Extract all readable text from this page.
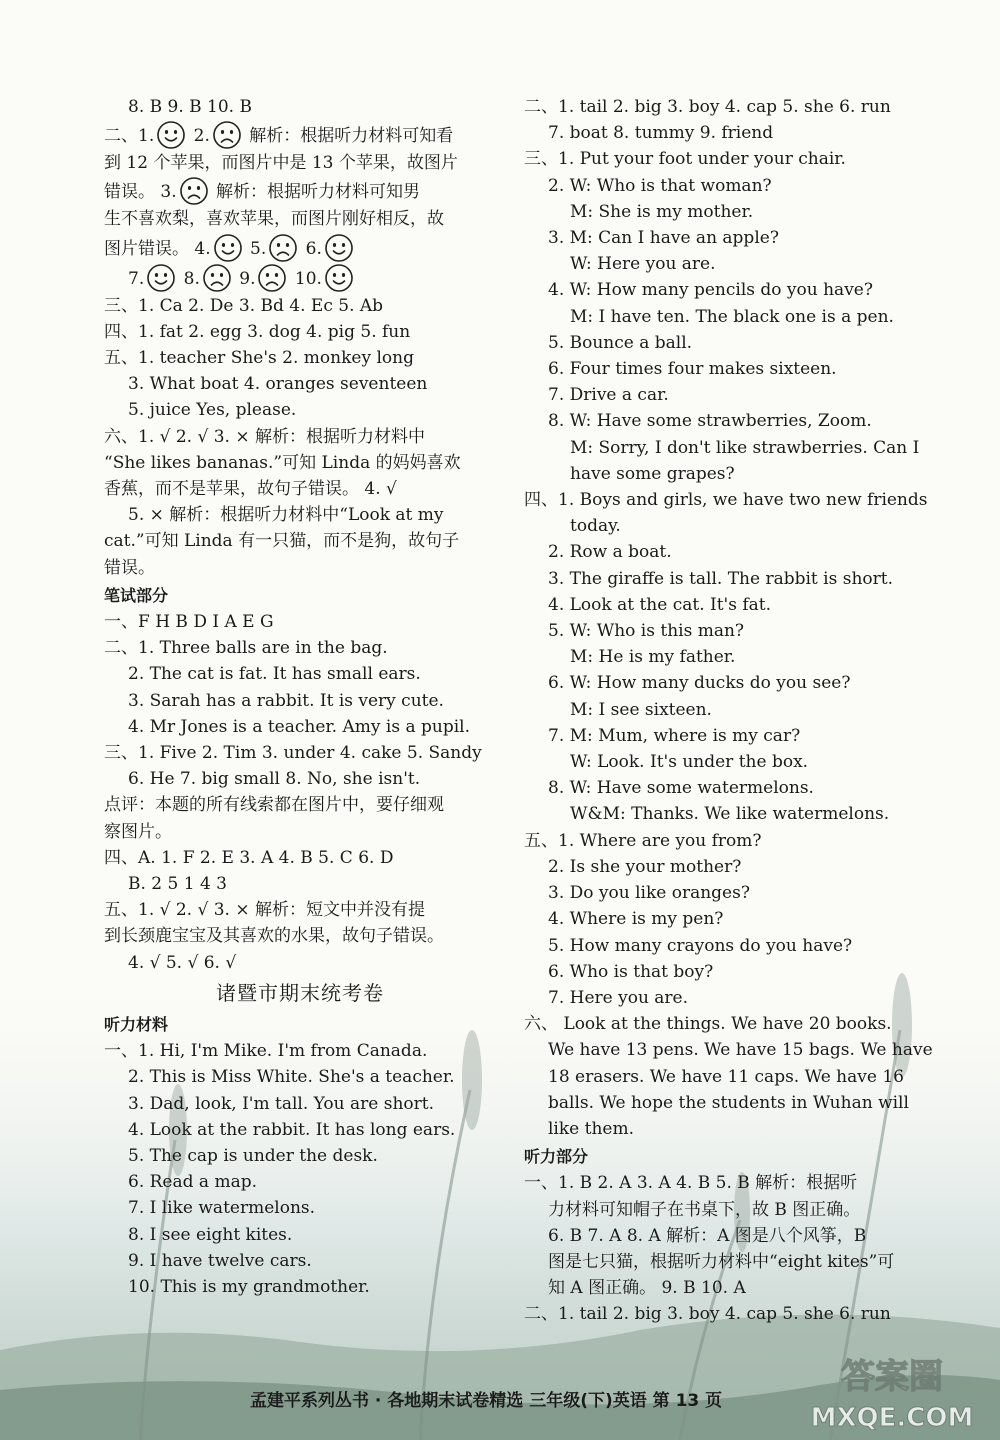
8. B 9. B 10. B
二、1. 2. 解析：根据听力材料可知看
到 12 个苹果，而图片中是 13 个苹果，故图片
错误。 3. 解析：根据听力材料可知男
生不喜欢梨，喜欢苹果，而图片刚好相反，故
图片错误。 4. 5. 6.
7. 8. 9. 10.
三、1. Ca 2. De 3. Bd 4. Ec 5. Ab
四、1. fat 2. egg 3. dog 4. pig 5. fun
五、1. teacher She's 2. monkey long
3. What boat 4. oranges seventeen
5. juice Yes, please.
六、1. √ 2. √ 3. × 解析：根据听力材料中
“She likes bananas.”可知 Linda 的妈妈喜欢
香蕉，而不是苹果，故句子错误。 4. √
5. × 解析：根据听力材料中“Look at my
cat.”可知 Linda 有一只猫，而不是狗，故句子
错误。
笔试部分
一、F H B D I A E G
二、1. Three balls are in the bag.
2. The cat is fat. It has small ears.
3. Sarah has a rabbit. It is very cute.
4. Mr Jones is a teacher. Amy is a pupil.
三、1. Five 2. Tim 3. under 4. cake 5. Sandy
6. He 7. big small 8. No, she isn't.
点评：本题的所有线索都在图片中，要仔细观
察图片。
四、A. 1. F 2. E 3. A 4. B 5. C 6. D
B. 2 5 1 4 3
五、1. √ 2. √ 3. × 解析：短文中并没有提
到长颈鹿宝宝及其喜欢的水果，故句子错误。
4. √ 5. √ 6. √
诸暨市期末统考卷
听力材料
一、1. Hi, I'm Mike. I'm from Canada.
2. This is Miss White. She's a teacher.
3. Dad, look, I'm tall. You are short.
4. Look at the rabbit. It has long ears.
5. The cap is under the desk.
6. Read a map.
7. I like watermelons.
8. I see eight kites.
9. I have twelve cars.
10. This is my grandmother.
二、1. tail 2. big 3. boy 4. cap 5. she 6. run
7. boat 8. tummy 9. friend
三、1. Put your foot under your chair.
2. W: Who is that woman?
M: She is my mother.
3. M: Can I have an apple?
W: Here you are.
4. W: How many pencils do you have?
M: I have ten. The black one is a pen.
5. Bounce a ball.
6. Four times four makes sixteen.
7. Drive a car.
8. W: Have some strawberries, Zoom.
M: Sorry, I don't like strawberries. Can I
have some grapes?
四、1. Boys and girls, we have two new friends
today.
2. Row a boat.
3. The giraffe is tall. The rabbit is short.
4. Look at the cat. It's fat.
5. W: Who is this man?
M: He is my father.
6. W: How many ducks do you see?
M: I see sixteen.
7. M: Mum, where is my car?
W: Look. It's under the box.
8. W: Have some watermelons.
W&M: Thanks. We like watermelons.
五、1. Where are you from?
2. Is she your mother?
3. Do you like oranges?
4. Where is my pen?
5. How many crayons do you have?
6. Who is that boy?
7. Here you are.
六、 Look at the things. We have 20 books.
We have 13 pens. We have 15 bags. We have
18 erasers. We have 11 caps. We have 16
balls. We hope the students in Wuhan will
like them.
听力部分
一、1. B 2. A 3. A 4. B 5. B 解析：根据听
力材料可知帽子在书桌下，故 B 图正确。
6. B 7. A 8. A 解析：A 图是八个风筝，B
图是七只猫，根据听力材料中“eight kites”可
知 A 图正确。 9. B 10. A
二、1. tail 2. big 3. boy 4. cap 5. she 6. run
孟建平系列丛书 · 各地期末试卷精选 三年级(下)英语 第 13 页
答案圈
MXQE.COM
